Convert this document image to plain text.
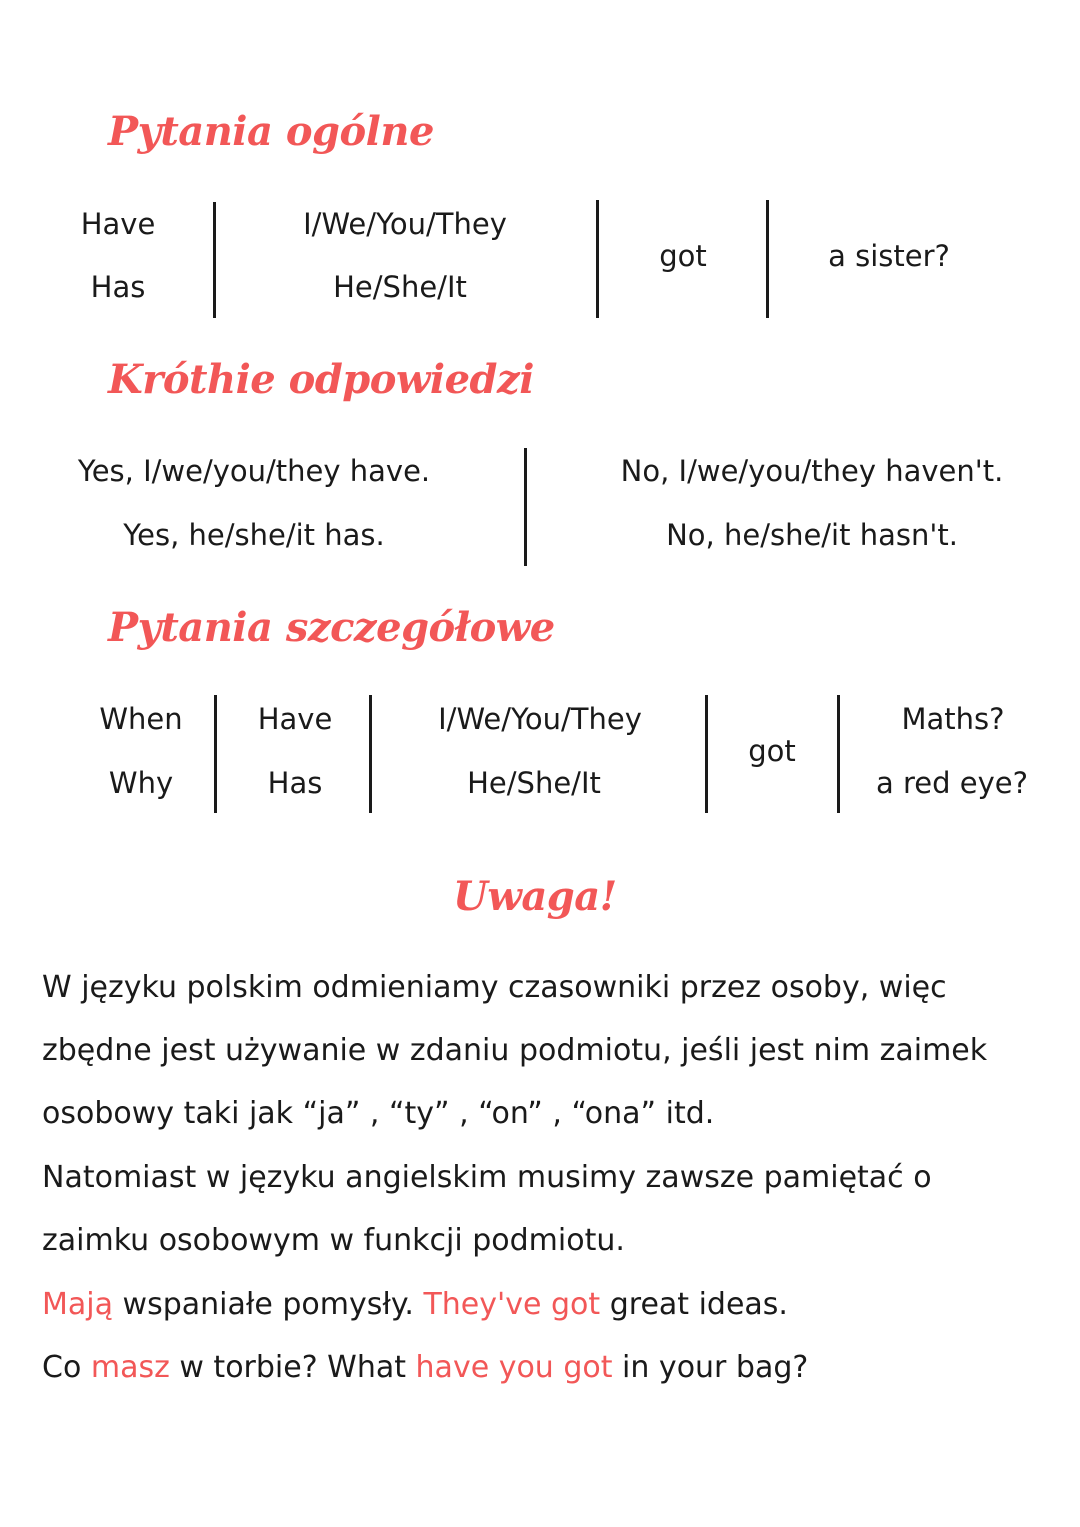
Pytania ogólne
Have
Has
I/We/You/They
He/She/It
got	a sister?
Króthie odpowiedzi
Yes, I/we/you/they have.
Yes, he/she/it has.
No, I/we/you/they haven't.
No, he/she/it hasn't.
Pytania szczegółowe
When
Why
Have
Has
I/We/You/They
He/She/It
got
Maths?
a red eye?
Uwaga!
W języku polskim odmieniamy czasowniki przez osoby, więc
zbędne jest używanie w zdaniu podmiotu, jeśli jest nim zaimek
osobowy taki jak “ja” , “ty” , “on” , “ona” itd.
Natomiast w języku angielskim musimy zawsze pamiętać o
zaimku osobowym w funkcji podmiotu.
Mają wspaniałe pomysły. They've got great ideas.
Co masz w torbie? What have you got in your bag?
